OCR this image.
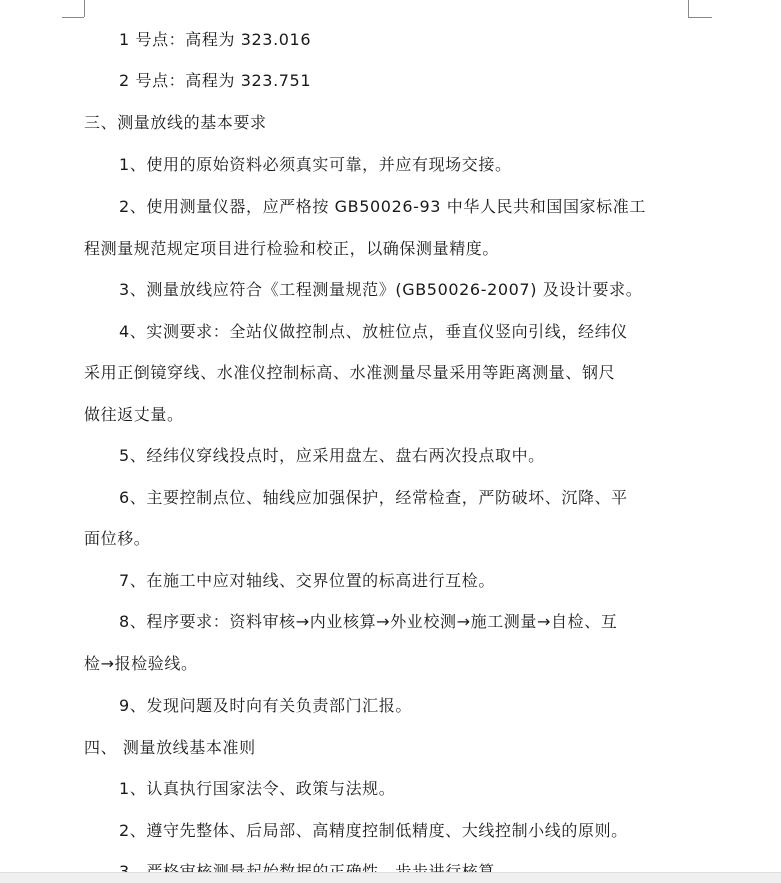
1 号点：高程为 323.016
2 号点：高程为 323.751
三、测量放线的基本要求
1、使用的原始资料必须真实可靠，并应有现场交接。
2、使用测量仪器，应严格按 GB50026-93 中华人民共和国国家标准工
程测量规范规定项目进行检验和校正，以确保测量精度。
3、测量放线应符合《工程测量规范》(GB50026-2007) 及设计要求。
4、实测要求：全站仪做控制点、放桩位点，垂直仪竖向引线，经纬仪
采用正倒镜穿线、水准仪控制标高、水准测量尽量采用等距离测量、钢尺
做往返丈量。
5、经纬仪穿线投点时，应采用盘左、盘右两次投点取中。
6、主要控制点位、轴线应加强保护，经常检查，严防破坏、沉降、平
面位移。
7、在施工中应对轴线、交界位置的标高进行互检。
8、程序要求：资料审核→内业核算→外业校测→施工测量→自检、互
检→报检验线。
9、发现问题及时向有关负责部门汇报。
四、 测量放线基本准则
1、认真执行国家法令、政策与法规。
2、遵守先整体、后局部、高精度控制低精度、大线控制小线的原则。
